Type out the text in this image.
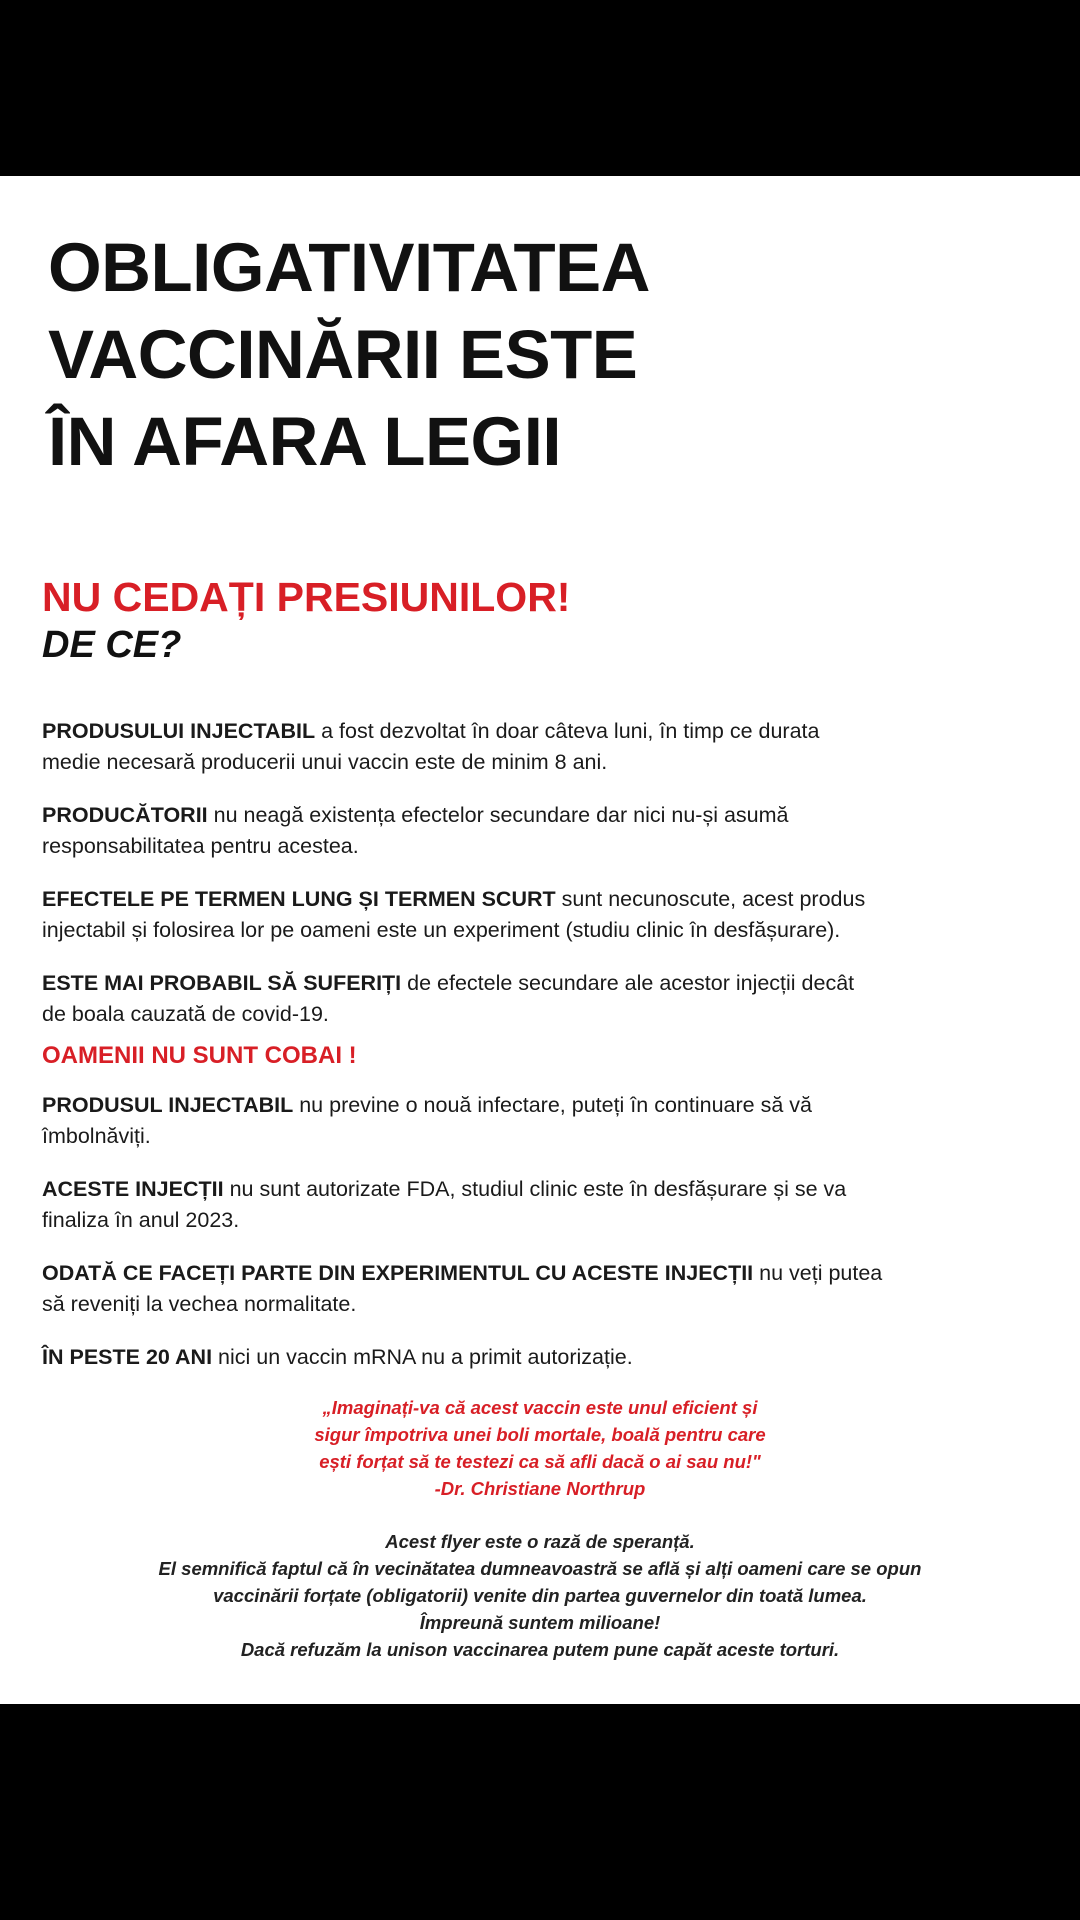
OBLIGATIVITATEA
VACCINĂRII ESTE
ÎN AFARA LEGII
NU CEDAȚI PRESIUNILOR!
DE CE?

PRODUSULUI INJECTABIL a fost dezvoltat în doar câteva luni, în timp ce durata
medie necesară producerii unui vaccin este de minim 8 ani.

PRODUCĂTORII nu neagă existența efectelor secundare dar nici nu-și asumă
responsabilitatea pentru acestea.

EFECTELE PE TERMEN LUNG ȘI TERMEN SCURT sunt necunoscute, acest produs
injectabil și folosirea lor pe oameni este un experiment (studiu clinic în desfășurare).

ESTE MAI PROBABIL SĂ SUFERIȚI de efectele secundare ale acestor injecții decât
de boala cauzată de covid-19.

OAMENII NU SUNT COBAI !

PRODUSUL INJECTABIL nu previne o nouă infectare, puteți în continuare să vă
îmbolnăviți.

ACESTE INJECȚII nu sunt autorizate FDA, studiul clinic este în desfășurare și se va
finaliza în anul 2023.

ODATĂ CE FACEȚI PARTE DIN EXPERIMENTUL CU ACESTE INJECȚII nu veți putea
să reveniți la vechea normalitate.

ÎN PESTE 20 ANI nici un vaccin mRNA nu a primit autorizație.

„Imaginați-va că acest vaccin este unul eficient și
sigur împotriva unei boli mortale, boală pentru care
ești forțat să te testezi ca să afli dacă o ai sau nu!"
-Dr. Christiane Northrup
Acest flyer este o rază de speranță.
El semnifică faptul că în vecinătatea dumneavoastră se află și alți oameni care se opun
vaccinării forțate (obligatorii) venite din partea guvernelor din toată lumea.
Împreună suntem milioane!
Dacă refuzăm la unison vaccinarea putem pune capăt acestе torturi.
